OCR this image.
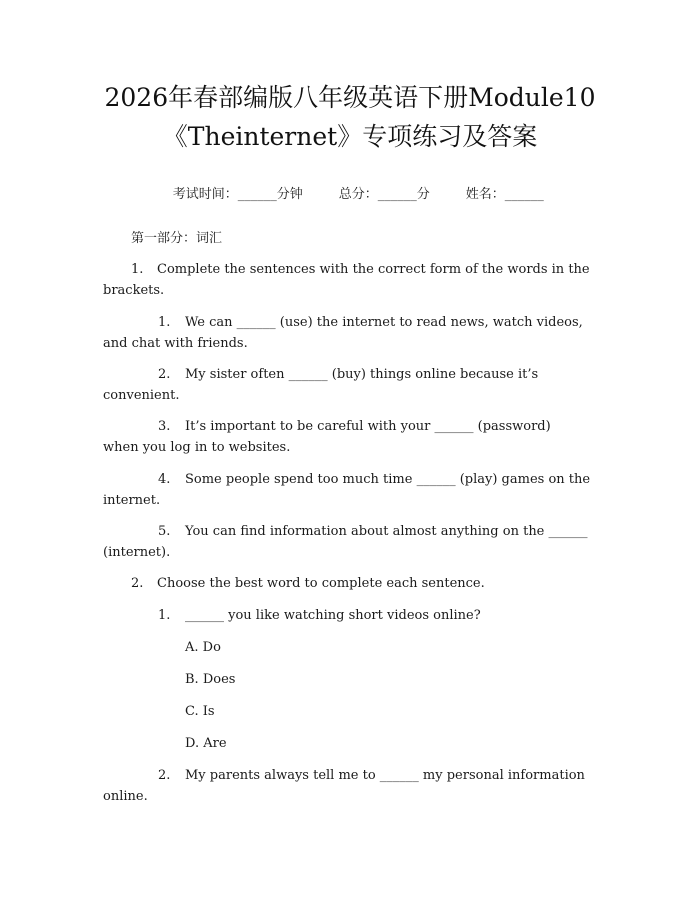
2026年春部编版八年级英语下册Module10
《Theinternet》专项练习及答案

考试时间：______分钟	总分：______分	姓名：______

第一部分：词汇
1. Complete the sentences with the correct form of the words in the
brackets.
1. We can ______ (use) the internet to read news, watch videos,
and chat with friends.
2. My sister often ______ (buy) things online because it’s
convenient.
3. It’s important to be careful with your ______ (password)
when you log in to websites.
4. Some people spend too much time ______ (play) games on the
internet.
5. You can find information about almost anything on the ______
(internet).
2. Choose the best word to complete each sentence.
1. ______ you like watching short videos online?
A. Do
B. Does
C. Is
D. Are
2. My parents always tell me to ______ my personal information
online.
